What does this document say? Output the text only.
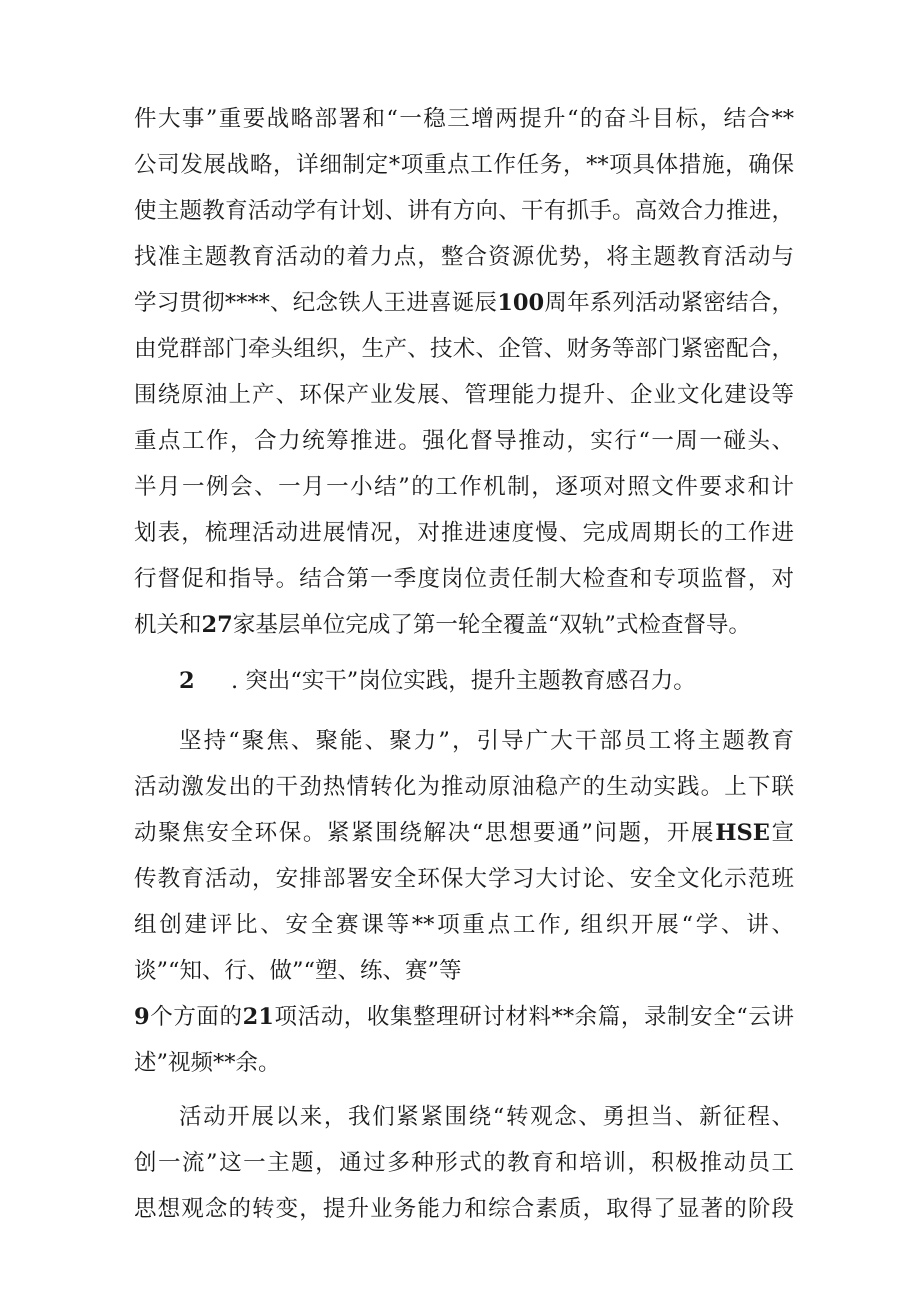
件大事”重要战略部署和“一稳三增两提升“的奋斗目标，结合**
公司发展战略，详细制定*项重点工作任务，**项具体措施，确保
使主题教育活动学有计划、讲有方向、干有抓手。高效合力推进，
找准主题教育活动的着力点，整合资源优势，将主题教育活动与
学习贯彻****、纪念铁人王进喜诞辰100周年系列活动紧密结合，
由党群部门牵头组织，生产、技术、企管、财务等部门紧密配合，
围绕原油上产、环保产业发展、管理能力提升、企业文化建设等
重点工作，合力统筹推进。强化督导推动，实行“一周一碰头、
半月一例会、一月一小结”的工作机制，逐项对照文件要求和计
划表，梳理活动进展情况，对推进速度慢、完成周期长的工作进
行督促和指导。结合第一季度岗位责任制大检查和专项监督，对
机关和27家基层单位完成了第一轮全覆盖“双轨”式检查督导。
2 . 突出“实干”岗位实践，提升主题教育感召力。
坚持“聚焦、聚能、聚力”，引导广大干部员工将主题教育
活动激发出的干劲热情转化为推动原油稳产的生动实践。上下联
动聚焦安全环保。紧紧围绕解决“思想要通”问题，开展HSE宣
传教育活动，安排部署安全环保大学习大讨论、安全文化示范班
组创建评比、安全赛课等**项重点工作, 组织开展“学、讲、
谈”“知、行、做”“塑、练、赛”等
9个方面的21项活动，收集整理研讨材料**余篇，录制安全“云讲
述”视频**余。
活动开展以来，我们紧紧围绕“转观念、勇担当、新征程、
创一流”这一主题，通过多种形式的教育和培训，积极推动员工
思想观念的转变，提升业务能力和综合素质，取得了显著的阶段
